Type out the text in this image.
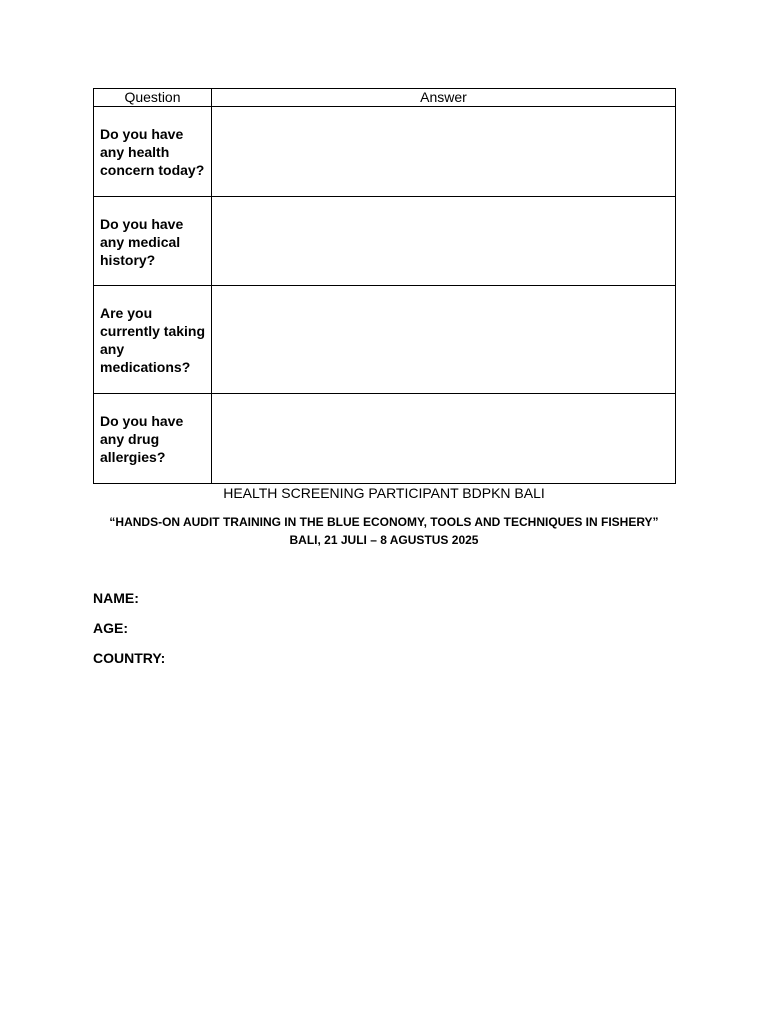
Question	Answer
Do you have any health concern today?	
Do you have any medical history?	
Are you currently taking any medications?	
Do you have any drug allergies?	
HEALTH SCREENING PARTICIPANT BDPKN BALI
“HANDS-ON AUDIT TRAINING IN THE BLUE ECONOMY, TOOLS AND TECHNIQUES IN FISHERY”
BALI, 21 JULI – 8 AGUSTUS 2025
NAME:
AGE:
COUNTRY:
